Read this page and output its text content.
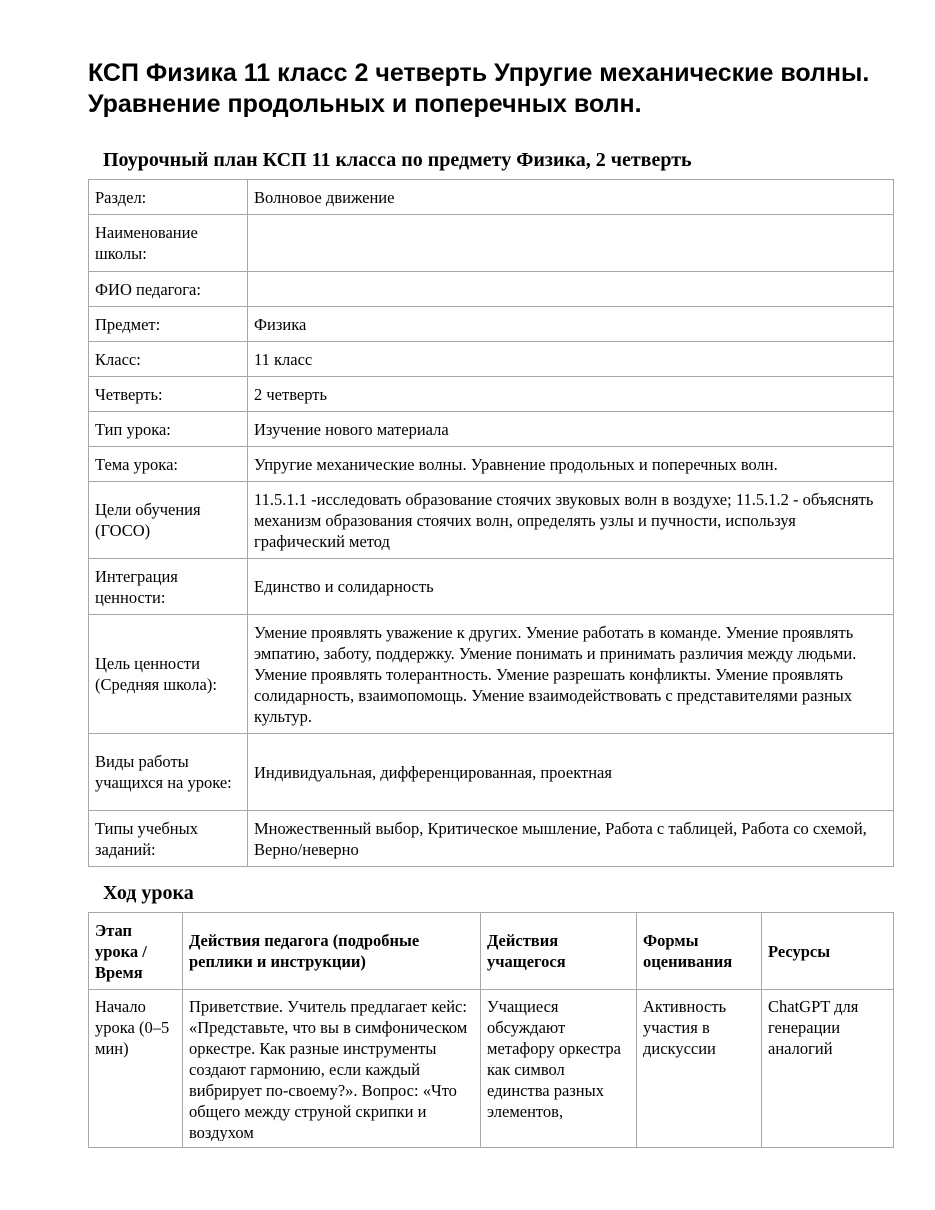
КСП Физика 11 класс 2 четверть Упругие механические волны. Уравнение продольных и поперечных волн.
Поурочный план КСП 11 класса по предмету Физика, 2 четверть
Раздел:	Волновое движение
Наименование школы:	
ФИО педагога:	
Предмет:	Физика
Класс:	11 класс
Четверть:	2 четверть
Тип урока:	Изучение нового материала
Тема урока:	Упругие механические волны. Уравнение продольных и поперечных волн.
Цели обучения (ГОСО)	11.5.1.1 -исследовать образование стоячих звуковых волн в воздухе; 11.5.1.2 - объяснять механизм образования стоячих волн, определять узлы и пучности, используя графический метод
Интеграция ценности:	Единство и солидарность
Цель ценности (Средняя школа):	Умение проявлять уважение к других. Умение работать в команде. Умение проявлять эмпатию, заботу, поддержку. Умение понимать и принимать различия между людьми. Умение проявлять толерантность. Умение разрешать конфликты. Умение проявлять солидарность, взаимопомощь. Умение взаимодействовать с представителями разных культур.
Виды работы учащихся на уроке:	Индивидуальная, дифференцированная, проектная
Типы учебных заданий:	Множественный выбор, Критическое мышление, Работа с таблицей, Работа со схемой, Верно/неверно
Ход урока
Этап урока / Время	Действия педагога (подробные реплики и инструкции)	Действия учащегося	Формы оценивания	Ресурсы

Начало урока (0–5 мин)	Приветствие. Учитель предлагает кейс: «Представьте, что вы в симфоническом оркестре. Как разные инструменты создают гармонию, если каждый вибрирует по-своему?». Вопрос: «Что общего между струной скрипки и воздухом	Учащиеся обсуждают метафору оркестра как символ единства разных элементов,	Активность участия в дискуссии	ChatGPT для генерации аналогий
